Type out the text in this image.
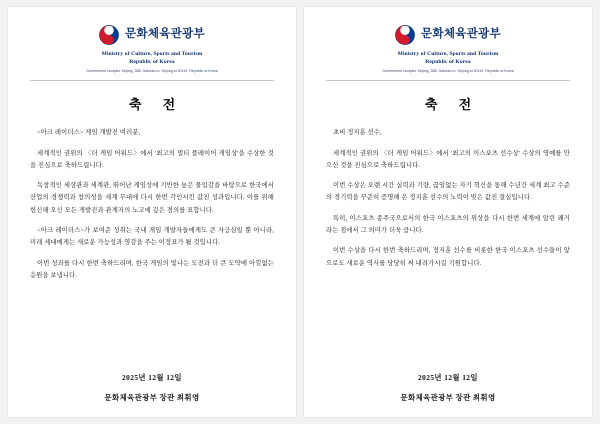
문화체육관광부
Ministry of Culture, Sports and Tourism
Republic of Korea
Government complex Sejong, 388, Galmae-ro, Sejong-si 30119, Republic of Korea
축 전

<아크 레이더스> 게임 개발진 여러분,

세계적인 권위의 〈더 게임 어워드〉에서 '최고의 멀티 플레이어 게임상'을 수상한 것을 진심으로 축하드립니다.

독창적인 세상관과 세계관, 뛰어난 게임성에 기반한 높은 몰입감을 바탕으로 한국에서 산업의 경쟁력과 창의성을 세계 무대에 다시 한번 각인시킨 값진 성과입니다. 이를 위해 헌신해 오신 모든 개발진과 관계자의 노고에 깊은 경의를 표합니다.

<아크 레이더스>가 보여준 성취는 국내 게임 개발자들에게도 큰 자긍심일 뿐 아니라, 미래 세대에게는 새로운 가능성과 영감을 주는 이정표가 될 것입니다.

이번 성과를 다시 한번 축하드리며, 한국 게임의 빛나는 도전과 더 큰 도약에 아낌없는 응원을 보냅니다.

2025년 12월 12일
문화체육관광부 장관 최휘영
문화체육관광부
Ministry of Culture, Sports and Tourism
Republic of Korea
Government complex Sejong, 388, Galmae-ro, Sejong-si 30119, Republic of Korea
축 전

초비 정지훈 선수,

세계적인 권위의 〈더 게임 어워드〉에서 '최고의 이스포츠 선수상' 수상의 영예를 안으신 것을 진심으로 축하드립니다.

이번 수상은 오랜 시간 실력과 기량, 끊임없는 자기 혁신을 통해 수년간 세계 최고 수준의 경기력을 꾸준히 증명해 온 정지훈 선수의 노력이 빚은 값진 결실입니다.

특히, 이스포츠 종주국으로서의 한국 이스포츠의 위상을 다시 한번 세계에 알린 쾌거라는 점에서 그 의미가 더욱 큽니다.

이번 수상을 다시 한번 축하드리며, 정지훈 선수를 비롯한 한국 이스포츠 선수들이 앞으로도 새로운 역사를 당당히 써 내려가시길 기원합니다.

2025년 12월 12일
문화체육관광부 장관 최휘영
